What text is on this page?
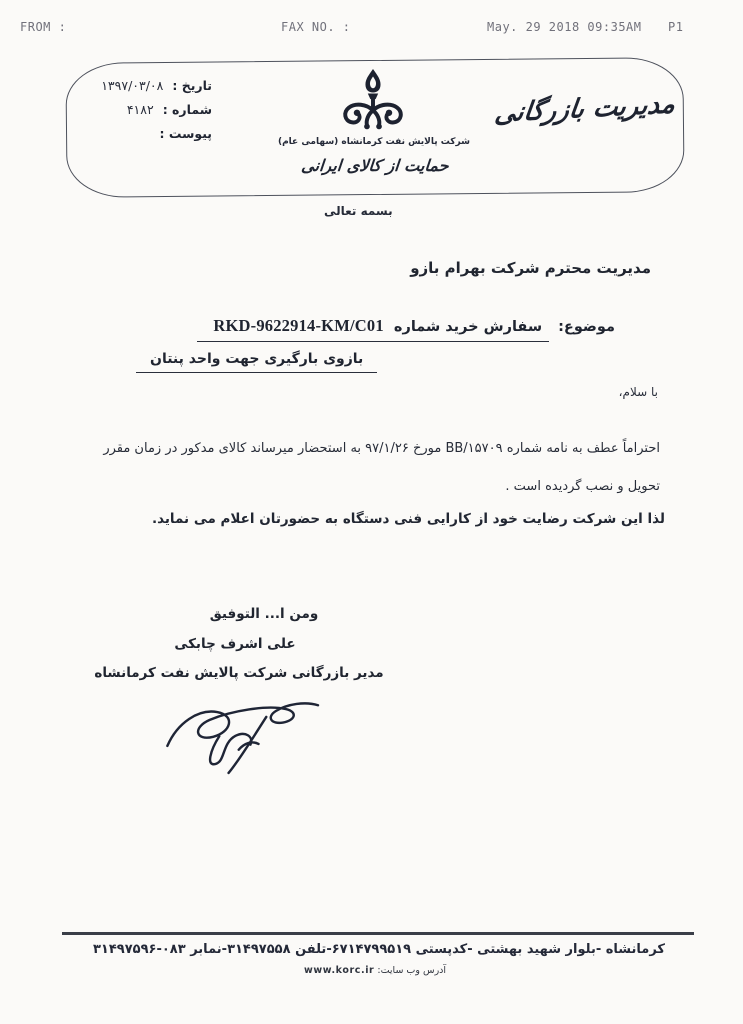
FROM :	FAX NO. :	May. 29 2018 09:35AM P1
تاریخ :
۱۳۹۷/۰۳/۰۸
شماره :
۴۱۸۲
پیوست :
شرکت پالایش نفت کرمانشاه (سهامی عام)
حمایت از کالای ایرانی
مدیریت بازرگانی
بسمه تعالی
مدیریت محترم شرکت بهرام بازو
موضوع:سفارش خرید شماره  RKD-9622914-KM/C01
بازوی بارگیری جهت واحد پنتان
با سلام،
احتراماً عطف به نامه شماره ⁦BB/۱۵۷۰۹⁩ مورخ ۹۷/۱/۲۶ به استحضار میرساند کالای مدکور در زمان مقرر
تحویل و نصب گردیده است .
لذا این شرکت رضایت خود از کارایی فنی دستگاه به حضورتان اعلام می نماید.
ومن ا... التوفیق
علی اشرف چابکی
مدیر بازرگانی شرکت پالایش نفت کرمانشاه
کرمانشاه -بلوار شهید بهشتی -کدپستی ۶۷۱۴۷۹۹۵۱۹-تلفن ۳۱۴۹۷۵۵۸-نمابر ۰۸۳-۳۱۴۹۷۵۹۶
آدرس وب سایت: www.korc.ir
